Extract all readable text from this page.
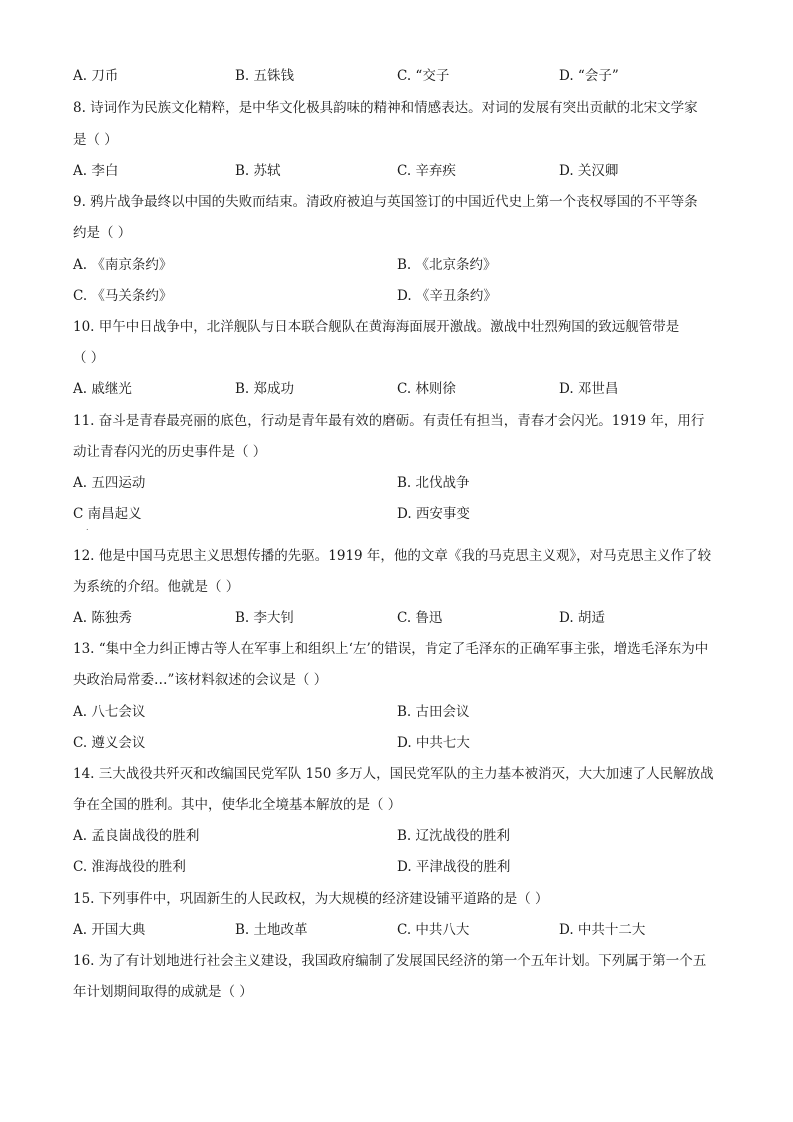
A. 刀币	B. 五铢钱	C. “交子	D. “会子”
8. 诗词作为民族文化精粹，是中华文化极具韵味的精神和情感表达。对词的发展有突出贡献的北宋文学家
是（ ）
A. 李白	B. 苏轼	C. 辛弃疾	D. 关汉卿
9. 鸦片战争最终以中国的失败而结束。清政府被迫与英国签订的中国近代史上第一个丧权辱国的不平等条
约是（ ）
A. 《南京条约》	B. 《北京条约》
C. 《马关条约》	D. 《辛丑条约》
10. 甲午中日战争中，北洋舰队与日本联合舰队在黄海海面展开激战。激战中壮烈殉国的致远舰管带是
（ ）
A. 戚继光	B. 郑成功	C. 林则徐	D. 邓世昌
11. 奋斗是青春最亮丽的底色，行动是青年最有效的磨砺。有责任有担当，青春才会闪光。1919 年，用行
动让青春闪光的历史事件是（ ）
A. 五四运动	B. 北伐战争
C 南昌起义	D. 西安事变
.
12. 他是中国马克思主义思想传播的先驱。1919 年，他的文章《我的马克思主义观》，对马克思主义作了较
为系统的介绍。他就是（ ）
A. 陈独秀	B. 李大钊	C. 鲁迅	D. 胡适
13. “集中全力纠正博古等人在军事上和组织上‘左’的错误，肯定了毛泽东的正确军事主张，增选毛泽东为中
央政治局常委…”该材料叙述的会议是（ ）
A. 八七会议	B. 古田会议
C. 遵义会议	D. 中共七大
14. 三大战役共歼灭和改编国民党军队 150 多万人，国民党军队的主力基本被消灭，大大加速了人民解放战
争在全国的胜利。其中，使华北全境基本解放的是（ ）
A. 孟良崮战役的胜利	B. 辽沈战役的胜利
C. 淮海战役的胜利	D. 平津战役的胜利
15. 下列事件中，巩固新生的人民政权，为大规模的经济建设铺平道路的是（ ）
A. 开国大典	B. 土地改革	C. 中共八大	D. 中共十二大
16. 为了有计划地进行社会主义建设，我国政府编制了发展国民经济的第一个五年计划。下列属于第一个五
年计划期间取得的成就是（ ）
